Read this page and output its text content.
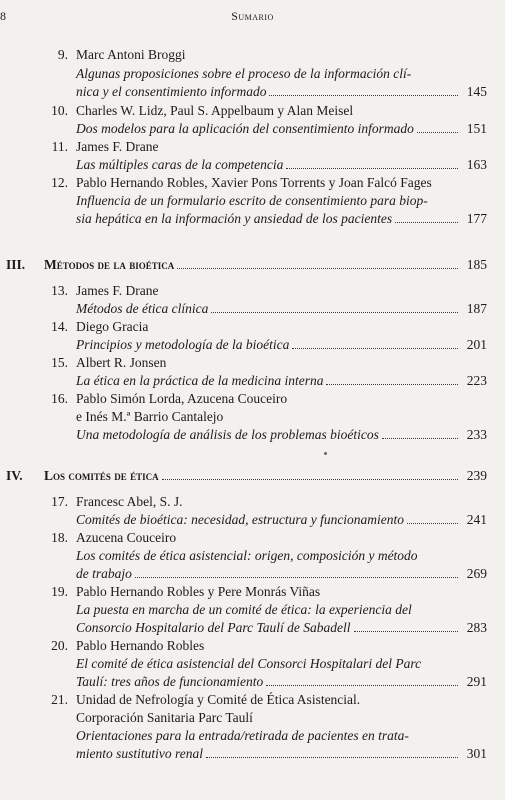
8	Sumario
9. Marc Antoni Broggi
Algunas proposiciones sobre el proceso de la información clí-
nica y el consentimiento informado	145
10. Charles W. Lidz, Paul S. Appelbaum y Alan Meisel
Dos modelos para la aplicación del consentimiento informado	151
11. James F. Drane
Las múltiples caras de la competencia	163
12. Pablo Hernando Robles, Xavier Pons Torrents y Joan Falcó Fages
Influencia de un formulario escrito de consentimiento para biop-
sia hepática en la información y ansiedad de los pacientes	177
III.	Métodos de la bioética	185
13. James F. Drane
Métodos de ética clínica	187
14. Diego Gracia
Principios y metodología de la bioética	201
15. Albert R. Jonsen
La ética en la práctica de la medicina interna	223
16. Pablo Simón Lorda, Azucena Couceiro
e Inés M.ª Barrio Cantalejo
Una metodología de análisis de los problemas bioéticos	233
IV.	Los comités de ética	239
17. Francesc Abel, S. J.
Comités de bioética: necesidad, estructura y funcionamiento	241
18. Azucena Couceiro
Los comités de ética asistencial: origen, composición y método
de trabajo	269
19. Pablo Hernando Robles y Pere Monrás Viñas
La puesta en marcha de un comité de ética: la experiencia del
Consorcio Hospitalario del Parc Taulí de Sabadell	283
20. Pablo Hernando Robles
El comité de ética asistencial del Consorci Hospitalari del Parc
Taulí: tres años de funcionamiento	291
21. Unidad de Nefrología y Comité de Ética Asistencial.
Corporación Sanitaria Parc Taulí
Orientaciones para la entrada/retirada de pacientes en trata-
miento sustitutivo renal	301
